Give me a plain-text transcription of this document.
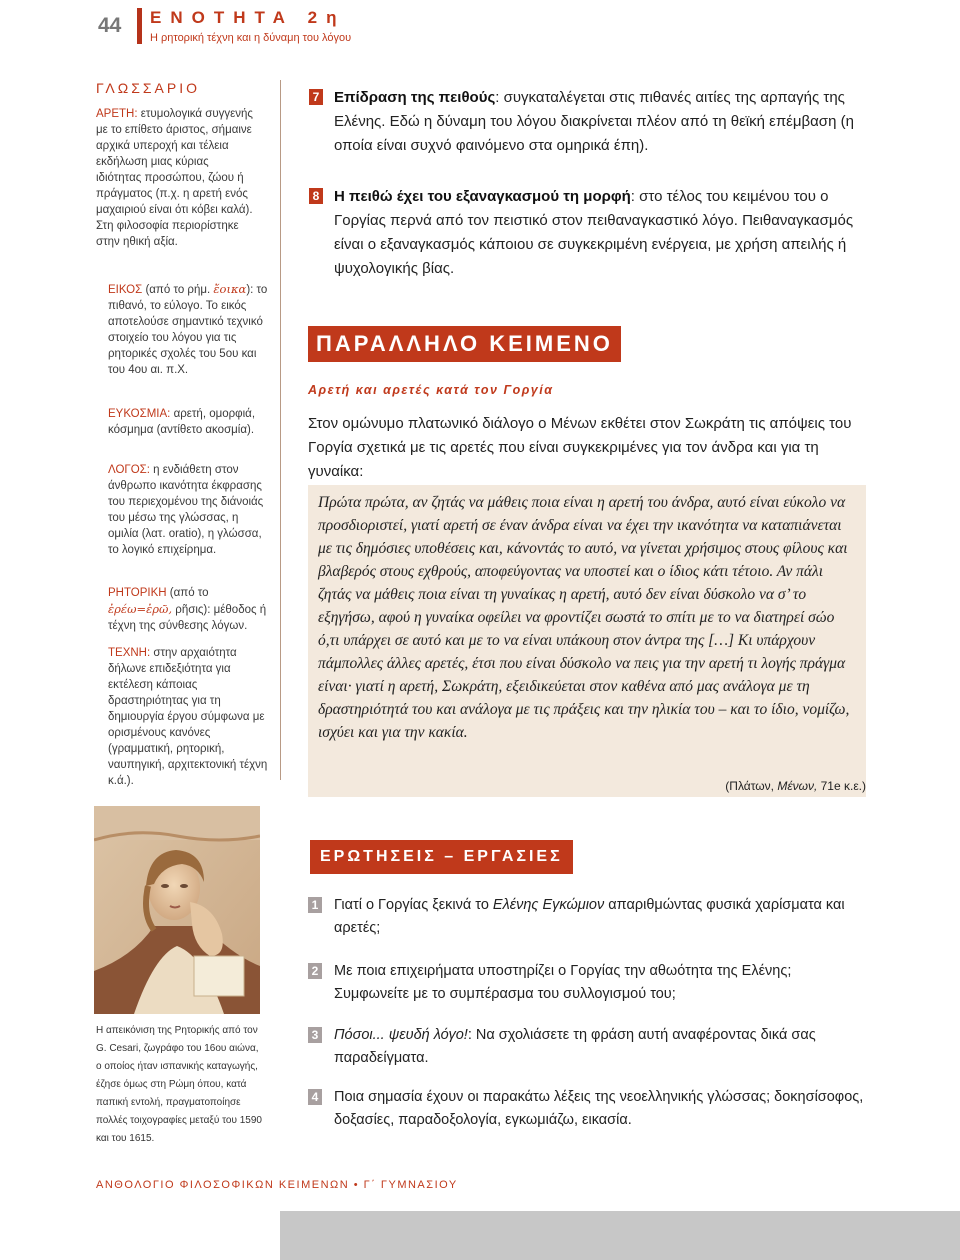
44	ΕΝΟΤΗΤΑ 2η
Η ρητορική τέχνη και η δύναμη του λόγου
ΓΛΩΣΣΑΡΙΟ
ΑΡΕΤΗ: ετυμολογικά συγγενής με το επίθετο άριστος, σήμαινε αρχικά υπεροχή και τέλεια εκδήλωση μιας κύριας ιδιότητας προσώπου, ζώου ή πράγματος (π.χ. η αρετή ενός μαχαιριού είναι ότι κόβει καλά). Στη φιλοσοφία περιορίστηκε στην ηθική αξία.
ΕΙΚΟΣ (από το ρήμ. ἔοικα): το πιθανό, το εύλογο. Το εικός αποτελούσε σημαντικό τεχνικό στοιχείο του λόγου για τις ρητορικές σχολές του 5ου και του 4ου αι. π.Χ.
ΕΥΚΟΣΜΙΑ: αρετή, ομορφιά, κόσμημα (αντίθετο ακοσμία).
ΛΟΓΟΣ: η ενδιάθετη στον άνθρωπο ικανότητα έκφρασης του περιεχομένου της διάνοιάς του μέσω της γλώσσας, η ομιλία (λατ. oratio), η γλώσσα, το λογικό επιχείρημα.
ΡΗΤΟΡΙΚΗ (από το ἐρέω=ἐρῶ, ρῆσις): μέθοδος ή τέχνη της σύνθεσης λόγων.
ΤΕΧΝΗ: στην αρχαιότητα δήλωνε επιδεξιότητα για εκτέλεση κάποιας δραστηριότητας για τη δημιουργία έργου σύμφωνα με ορισμένους κανόνες (γραμματική, ρητορική, ναυπηγική, αρχιτεκτονική τέχνη κ.ά.).
7 Επίδραση της πειθούς: συγκαταλέγεται στις πιθανές αιτίες της αρπαγής της Ελένης. Εδώ η δύναμη του λόγου διακρίνεται πλέον από τη θεϊκή επέμβαση (η οποία είναι συχνό φαινόμενο στα ομηρικά έπη).
8 Η πειθώ έχει του εξαναγκασμού τη μορφή: στο τέλος του κειμένου του ο Γοργίας περνά από τον πειστικό στον πειθαναγκαστικό λόγο. Πειθαναγκασμός είναι ο εξαναγκασμός κάποιου σε συγκεκριμένη ενέργεια, με χρήση απειλής ή ψυχολογικής βίας.
ΠΑΡΑΛΛΗΛΟ ΚΕΙΜΕΝΟ
Αρετή και αρετές κατά τον Γοργία
Στον ομώνυμο πλατωνικό διάλογο ο Μένων εκθέτει στον Σωκράτη τις απόψεις του Γοργία σχετικά με τις αρετές που είναι συγκεκριμένες για τον άνδρα και για τη γυναίκα:
Πρώτα πρώτα, αν ζητάς να μάθεις ποια είναι η αρετή του άνδρα, αυτό είναι εύκολο να προσδιοριστεί, γιατί αρετή σε έναν άνδρα είναι να έχει την ικανότητα να καταπιάνεται με τις δημόσιες υποθέσεις και, κάνοντάς το αυτό, να γίνεται χρήσιμος στους φίλους και βλαβερός στους εχθρούς, αποφεύγοντας να υποστεί και ο ίδιος κάτι τέτοιο. Αν πάλι ζητάς να μάθεις ποια είναι τη γυναίκας η αρετή, αυτό δεν είναι δύσκολο να σ’ το εξηγήσω, αφού η γυναίκα οφείλει να φροντίζει σωστά το σπίτι με το να διατηρεί σώο ό,τι υπάρχει σε αυτό και με το να είναι υπάκουη στον άντρα της […] Κι υπάρχουν πάμπολλες άλλες αρετές, έτσι που είναι δύσκολο να πεις για την αρετή τι λογής πράγμα είναι· γιατί η αρετή, Σωκράτη, εξειδικεύεται στον καθένα από μας ανάλογα με τη δραστηριότητά του και ανάλογα με τις πράξεις και την ηλικία του – και το ίδιο, νομίζω, ισχύει και για την κακία.
(Πλάτων, Μένων, 71e κ.ε.)
Η απεικόνιση της Ρητορικής από τον G. Cesari, ζωγράφο του 16ου αιώνα, ο οποίος ήταν ισπανικής καταγωγής, έζησε όμως στη Ρώμη όπου, κατά παπική εντολή, πραγματοποίησε πολλές τοιχογραφίες μεταξύ του 1590 και του 1615.
ΕΡΩΤΗΣΕΙΣ – ΕΡΓΑΣΙΕΣ
1 Γιατί ο Γοργίας ξεκινά το Ελένης Εγκώμιον απαριθμώντας φυσικά χαρίσματα και αρετές;
2 Με ποια επιχειρήματα υποστηρίζει ο Γοργίας την αθωότητα της Ελένης; Συμφωνείτε με το συμπέρασμα του συλλογισμού του;
3 Πόσοι... ψευδή λόγο!: Να σχολιάσετε τη φράση αυτή αναφέροντας δικά σας παραδείγματα.
4 Ποια σημασία έχουν οι παρακάτω λέξεις της νεοελληνικής γλώσσας; δοκησίσοφος, δοξασίες, παραδοξολογία, εγκωμιάζω, εικασία.
ΑΝΘΟΛΟΓΙΟ ΦΙΛΟΣΟΦΙΚΩΝ ΚΕΙΜΕΝΩΝ • Γ΄ ΓΥΜΝΑΣΙΟΥ
